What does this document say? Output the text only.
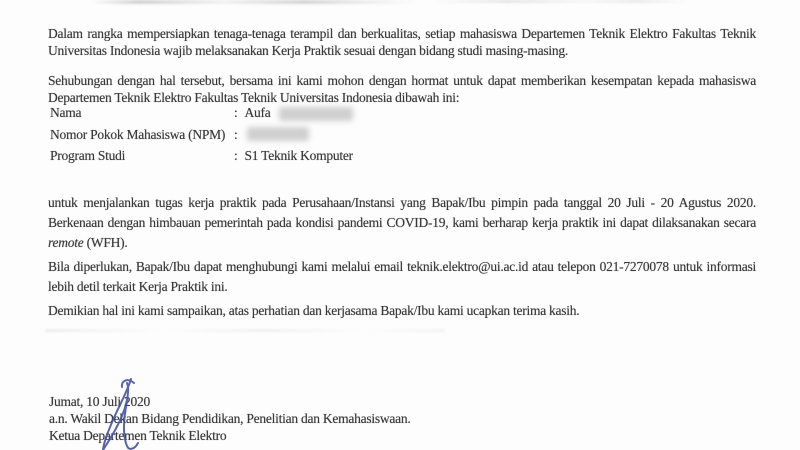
Dalam rangka mempersiapkan tenaga-tenaga terampil dan berkualitas, setiap mahasiswa Departemen Teknik Elektro Fakultas Teknik Universitas Indonesia wajib melaksanakan Kerja Praktik sesuai dengan bidang studi masing-masing.

Sehubungan dengan hal tersebut, bersama ini kami mohon dengan hormat untuk dapat memberikan kesempatan kepada mahasiswa Departemen Teknik Elektro Fakultas Teknik Universitas Indonesia dibawah ini:

Nama	: Aufa
Nomor Pokok Mahasiswa (NPM) :
Program Studi	: S1 Teknik Komputer

untuk menjalankan tugas kerja praktik pada Perusahaan/Instansi yang Bapak/Ibu pimpin pada tanggal 20 Juli - 20 Agustus 2020. Berkenaan dengan himbauan pemerintah pada kondisi pandemi COVID-19, kami berharap kerja praktik ini dapat dilaksanakan secara remote (WFH).

Bila diperlukan, Bapak/Ibu dapat menghubungi kami melalui email teknik.elektro@ui.ac.id atau telepon 021-7270078 untuk informasi lebih detil terkait Kerja Praktik ini.

Demikian hal ini kami sampaikan, atas perhatian dan kerjasama Bapak/Ibu kami ucapkan terima kasih.

Jumat, 10 Juli 2020
a.n. Wakil Dekan Bidang Pendidikan, Penelitian dan Kemahasiswaan.
Ketua Departemen Teknik Elektro
